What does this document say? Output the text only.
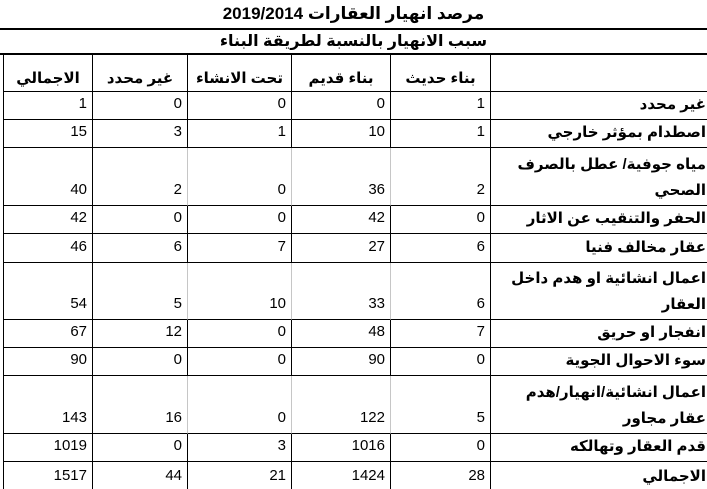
مرصد انهيار العقارات 2019/2014
سبب الانهيار بالنسبة لطريقة البناء
الاجمالي	غير محدد	تحت الانشاء	بناء قديم	بناء حديث	
1	0	0	0	1	غير محدد
15	3	1	10	1	اصطدام بمؤثر خارجي
40	2	0	36	2	مياه جوفية/​ عطل بالصرف الصحي
42	0	0	42	0	الحفر والتنقيب عن الاثار
46	6	7	27	6	عقار مخالف فنيا
54	5	10	33	6	اعمال انشائية او هدم داخل العقار
67	12	0	48	7	انفجار او حريق
90	0	0	90	0	سوء الاحوال الجوية
143	16	0	122	5	اعمال انشائية/​انهيار/​هدم عقار مجاور
1019	0	3	1016	0	قدم العقار وتهالكه
1517	44	21	1424	28	الاجمالي
